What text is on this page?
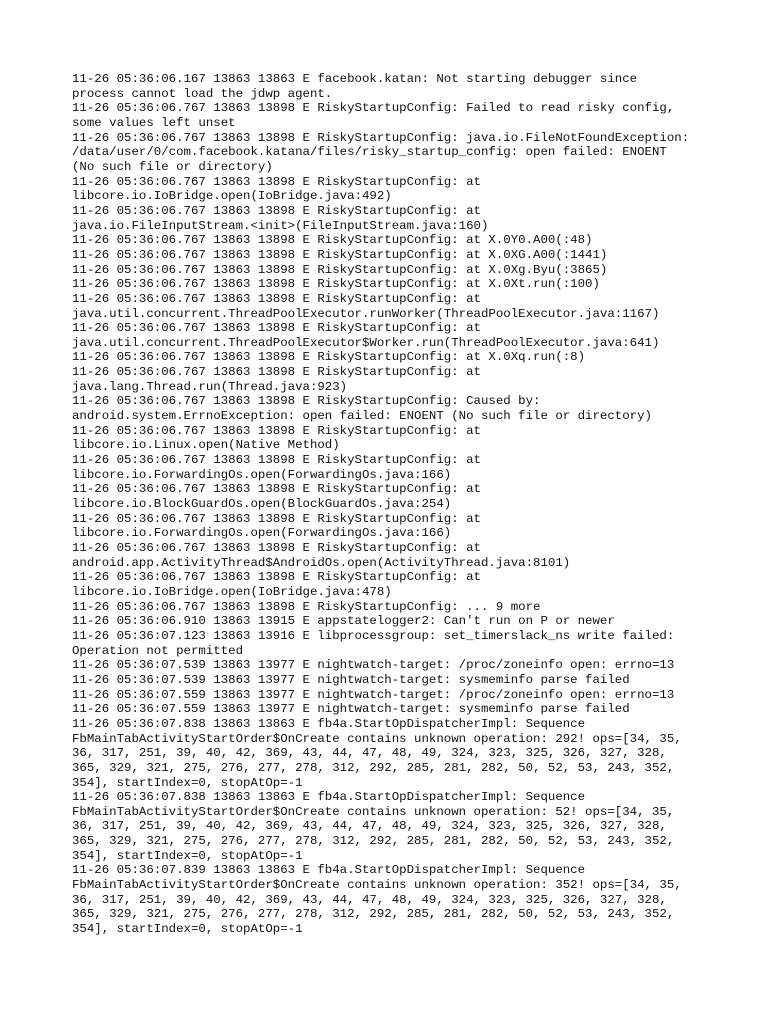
11-26 05:36:06.167 13863 13863 E facebook.katan: Not starting debugger since
process cannot load the jdwp agent.
11-26 05:36:06.767 13863 13898 E RiskyStartupConfig: Failed to read risky config,
some values left unset
11-26 05:36:06.767 13863 13898 E RiskyStartupConfig: java.io.FileNotFoundException:
/data/user/0/com.facebook.katana/files/risky_startup_config: open failed: ENOENT
(No such file or directory)
11-26 05:36:06.767 13863 13898 E RiskyStartupConfig: at
libcore.io.IoBridge.open(IoBridge.java:492)
11-26 05:36:06.767 13863 13898 E RiskyStartupConfig: at
java.io.FileInputStream.<init>(FileInputStream.java:160)
11-26 05:36:06.767 13863 13898 E RiskyStartupConfig: at X.0Y0.A00(:48)
11-26 05:36:06.767 13863 13898 E RiskyStartupConfig: at X.0XG.A00(:1441)
11-26 05:36:06.767 13863 13898 E RiskyStartupConfig: at X.0Xg.Byu(:3865)
11-26 05:36:06.767 13863 13898 E RiskyStartupConfig: at X.0Xt.run(:100)
11-26 05:36:06.767 13863 13898 E RiskyStartupConfig: at
java.util.concurrent.ThreadPoolExecutor.runWorker(ThreadPoolExecutor.java:1167)
11-26 05:36:06.767 13863 13898 E RiskyStartupConfig: at
java.util.concurrent.ThreadPoolExecutor$Worker.run(ThreadPoolExecutor.java:641)
11-26 05:36:06.767 13863 13898 E RiskyStartupConfig: at X.0Xq.run(:8)
11-26 05:36:06.767 13863 13898 E RiskyStartupConfig: at
java.lang.Thread.run(Thread.java:923)
11-26 05:36:06.767 13863 13898 E RiskyStartupConfig: Caused by:
android.system.ErrnoException: open failed: ENOENT (No such file or directory)
11-26 05:36:06.767 13863 13898 E RiskyStartupConfig: at
libcore.io.Linux.open(Native Method)
11-26 05:36:06.767 13863 13898 E RiskyStartupConfig: at
libcore.io.ForwardingOs.open(ForwardingOs.java:166)
11-26 05:36:06.767 13863 13898 E RiskyStartupConfig: at
libcore.io.BlockGuardOs.open(BlockGuardOs.java:254)
11-26 05:36:06.767 13863 13898 E RiskyStartupConfig: at
libcore.io.ForwardingOs.open(ForwardingOs.java:166)
11-26 05:36:06.767 13863 13898 E RiskyStartupConfig: at
android.app.ActivityThread$AndroidOs.open(ActivityThread.java:8101)
11-26 05:36:06.767 13863 13898 E RiskyStartupConfig: at
libcore.io.IoBridge.open(IoBridge.java:478)
11-26 05:36:06.767 13863 13898 E RiskyStartupConfig: ... 9 more
11-26 05:36:06.910 13863 13915 E appstatelogger2: Can't run on P or newer
11-26 05:36:07.123 13863 13916 E libprocessgroup: set_timerslack_ns write failed:
Operation not permitted
11-26 05:36:07.539 13863 13977 E nightwatch-target: /proc/zoneinfo open: errno=13
11-26 05:36:07.539 13863 13977 E nightwatch-target: sysmeminfo parse failed
11-26 05:36:07.559 13863 13977 E nightwatch-target: /proc/zoneinfo open: errno=13
11-26 05:36:07.559 13863 13977 E nightwatch-target: sysmeminfo parse failed
11-26 05:36:07.838 13863 13863 E fb4a.StartOpDispatcherImpl: Sequence
FbMainTabActivityStartOrder$OnCreate contains unknown operation: 292! ops=[34, 35,
36, 317, 251, 39, 40, 42, 369, 43, 44, 47, 48, 49, 324, 323, 325, 326, 327, 328,
365, 329, 321, 275, 276, 277, 278, 312, 292, 285, 281, 282, 50, 52, 53, 243, 352,
354], startIndex=0, stopAtOp=-1
11-26 05:36:07.838 13863 13863 E fb4a.StartOpDispatcherImpl: Sequence
FbMainTabActivityStartOrder$OnCreate contains unknown operation: 52! ops=[34, 35,
36, 317, 251, 39, 40, 42, 369, 43, 44, 47, 48, 49, 324, 323, 325, 326, 327, 328,
365, 329, 321, 275, 276, 277, 278, 312, 292, 285, 281, 282, 50, 52, 53, 243, 352,
354], startIndex=0, stopAtOp=-1
11-26 05:36:07.839 13863 13863 E fb4a.StartOpDispatcherImpl: Sequence
FbMainTabActivityStartOrder$OnCreate contains unknown operation: 352! ops=[34, 35,
36, 317, 251, 39, 40, 42, 369, 43, 44, 47, 48, 49, 324, 323, 325, 326, 327, 328,
365, 329, 321, 275, 276, 277, 278, 312, 292, 285, 281, 282, 50, 52, 53, 243, 352,
354], startIndex=0, stopAtOp=-1
